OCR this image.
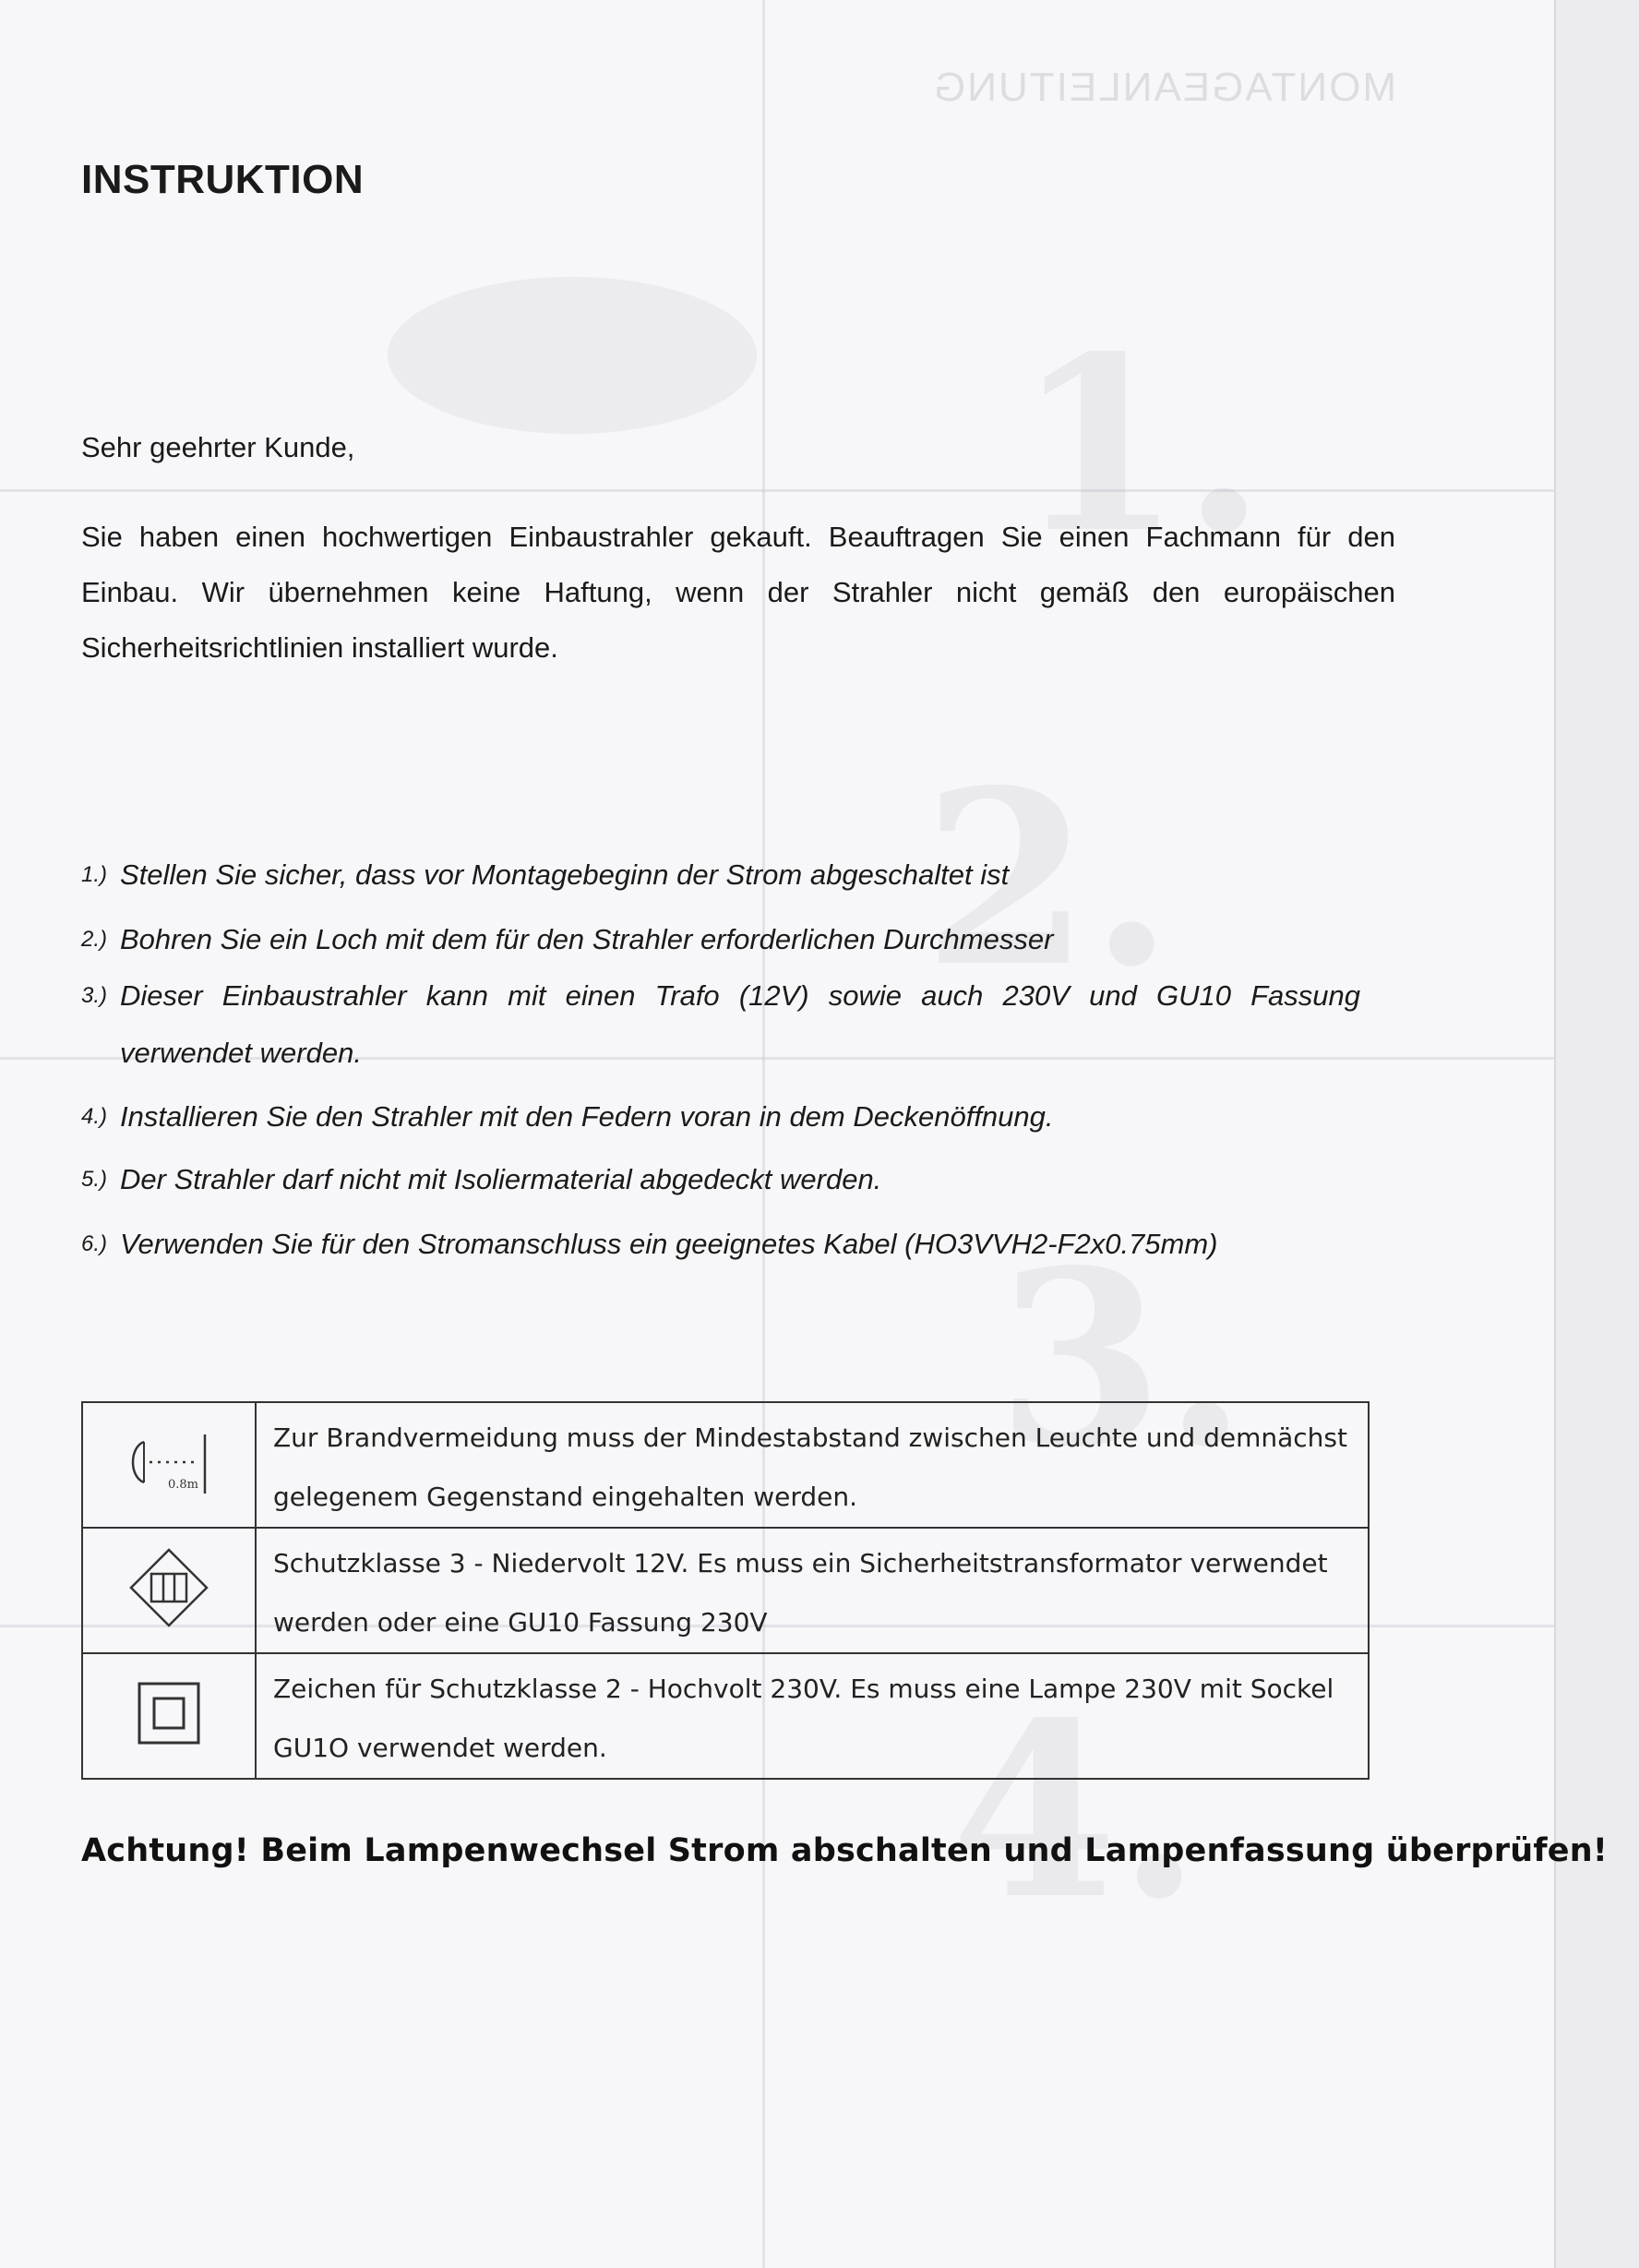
MONTAGEANLEITUNG
1.
2.
3.
4.
INSTRUKTION

Sehr geehrter Kunde,

Sie haben einen hochwertigen Einbaustrahler gekauft. Beauftragen Sie einen Fachmann für den Einbau. Wir übernehmen keine Haftung, wenn der Strahler nicht gemäß den europäischen Sicherheitsrichtlinien installiert wurde.

1.) Stellen Sie sicher, dass vor Montagebeginn der Strom abgeschaltet ist
2.) Bohren Sie ein Loch mit dem für den Strahler erforderlichen Durchmesser
3.) Dieser Einbaustrahler kann mit einen Trafo (12V) sowie auch 230V und GU10 Fassung verwendet werden.
4.) Installieren Sie den Strahler mit den Federn voran in dem Deckenöffnung.
5.) Der Strahler darf nicht mit Isoliermaterial abgedeckt werden.
6.) Verwenden Sie für den Stromanschluss ein geeignetes Kabel (HO3VVH2-F2x0.75mm)
0.8m	Zur Brandvermeidung muss der Mindestabstand zwischen Leuchte und demnächst gelegenem Gegenstand eingehalten werden.
	Schutzklasse 3 - Niedervolt 12V. Es muss ein Sicherheitstransformator verwendet werden oder eine GU10 Fassung 230V
	Zeichen für Schutzklasse 2 - Hochvolt 230V. Es muss eine Lampe 230V mit Sockel GU1O verwendet werden.

Achtung! Beim Lampenwechsel Strom abschalten und Lampenfassung überprüfen!
